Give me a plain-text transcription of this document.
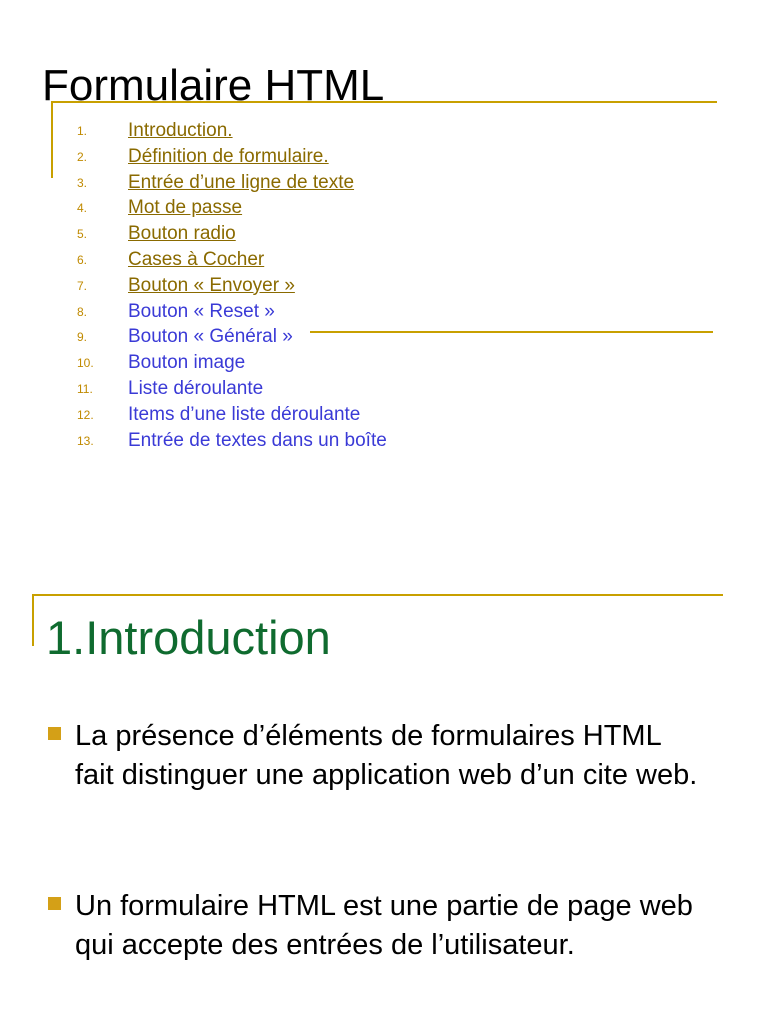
Formulaire HTML
1. Introduction.
2. Définition de formulaire.
3. Entrée d’une ligne de texte
4. Mot de passe
5. Bouton radio
6. Cases à Cocher
7. Bouton « Envoyer »
8. Bouton « Reset »
9. Bouton « Général »
10. Bouton image
11. Liste déroulante
12. Items d’une liste déroulante
13. Entrée de textes dans un boîte
1.Introduction
La présence d’éléments de formulaires HTML fait distinguer une application web d’un cite web.
Un formulaire HTML est une partie de page web qui accepte des entrées de l’utilisateur.
